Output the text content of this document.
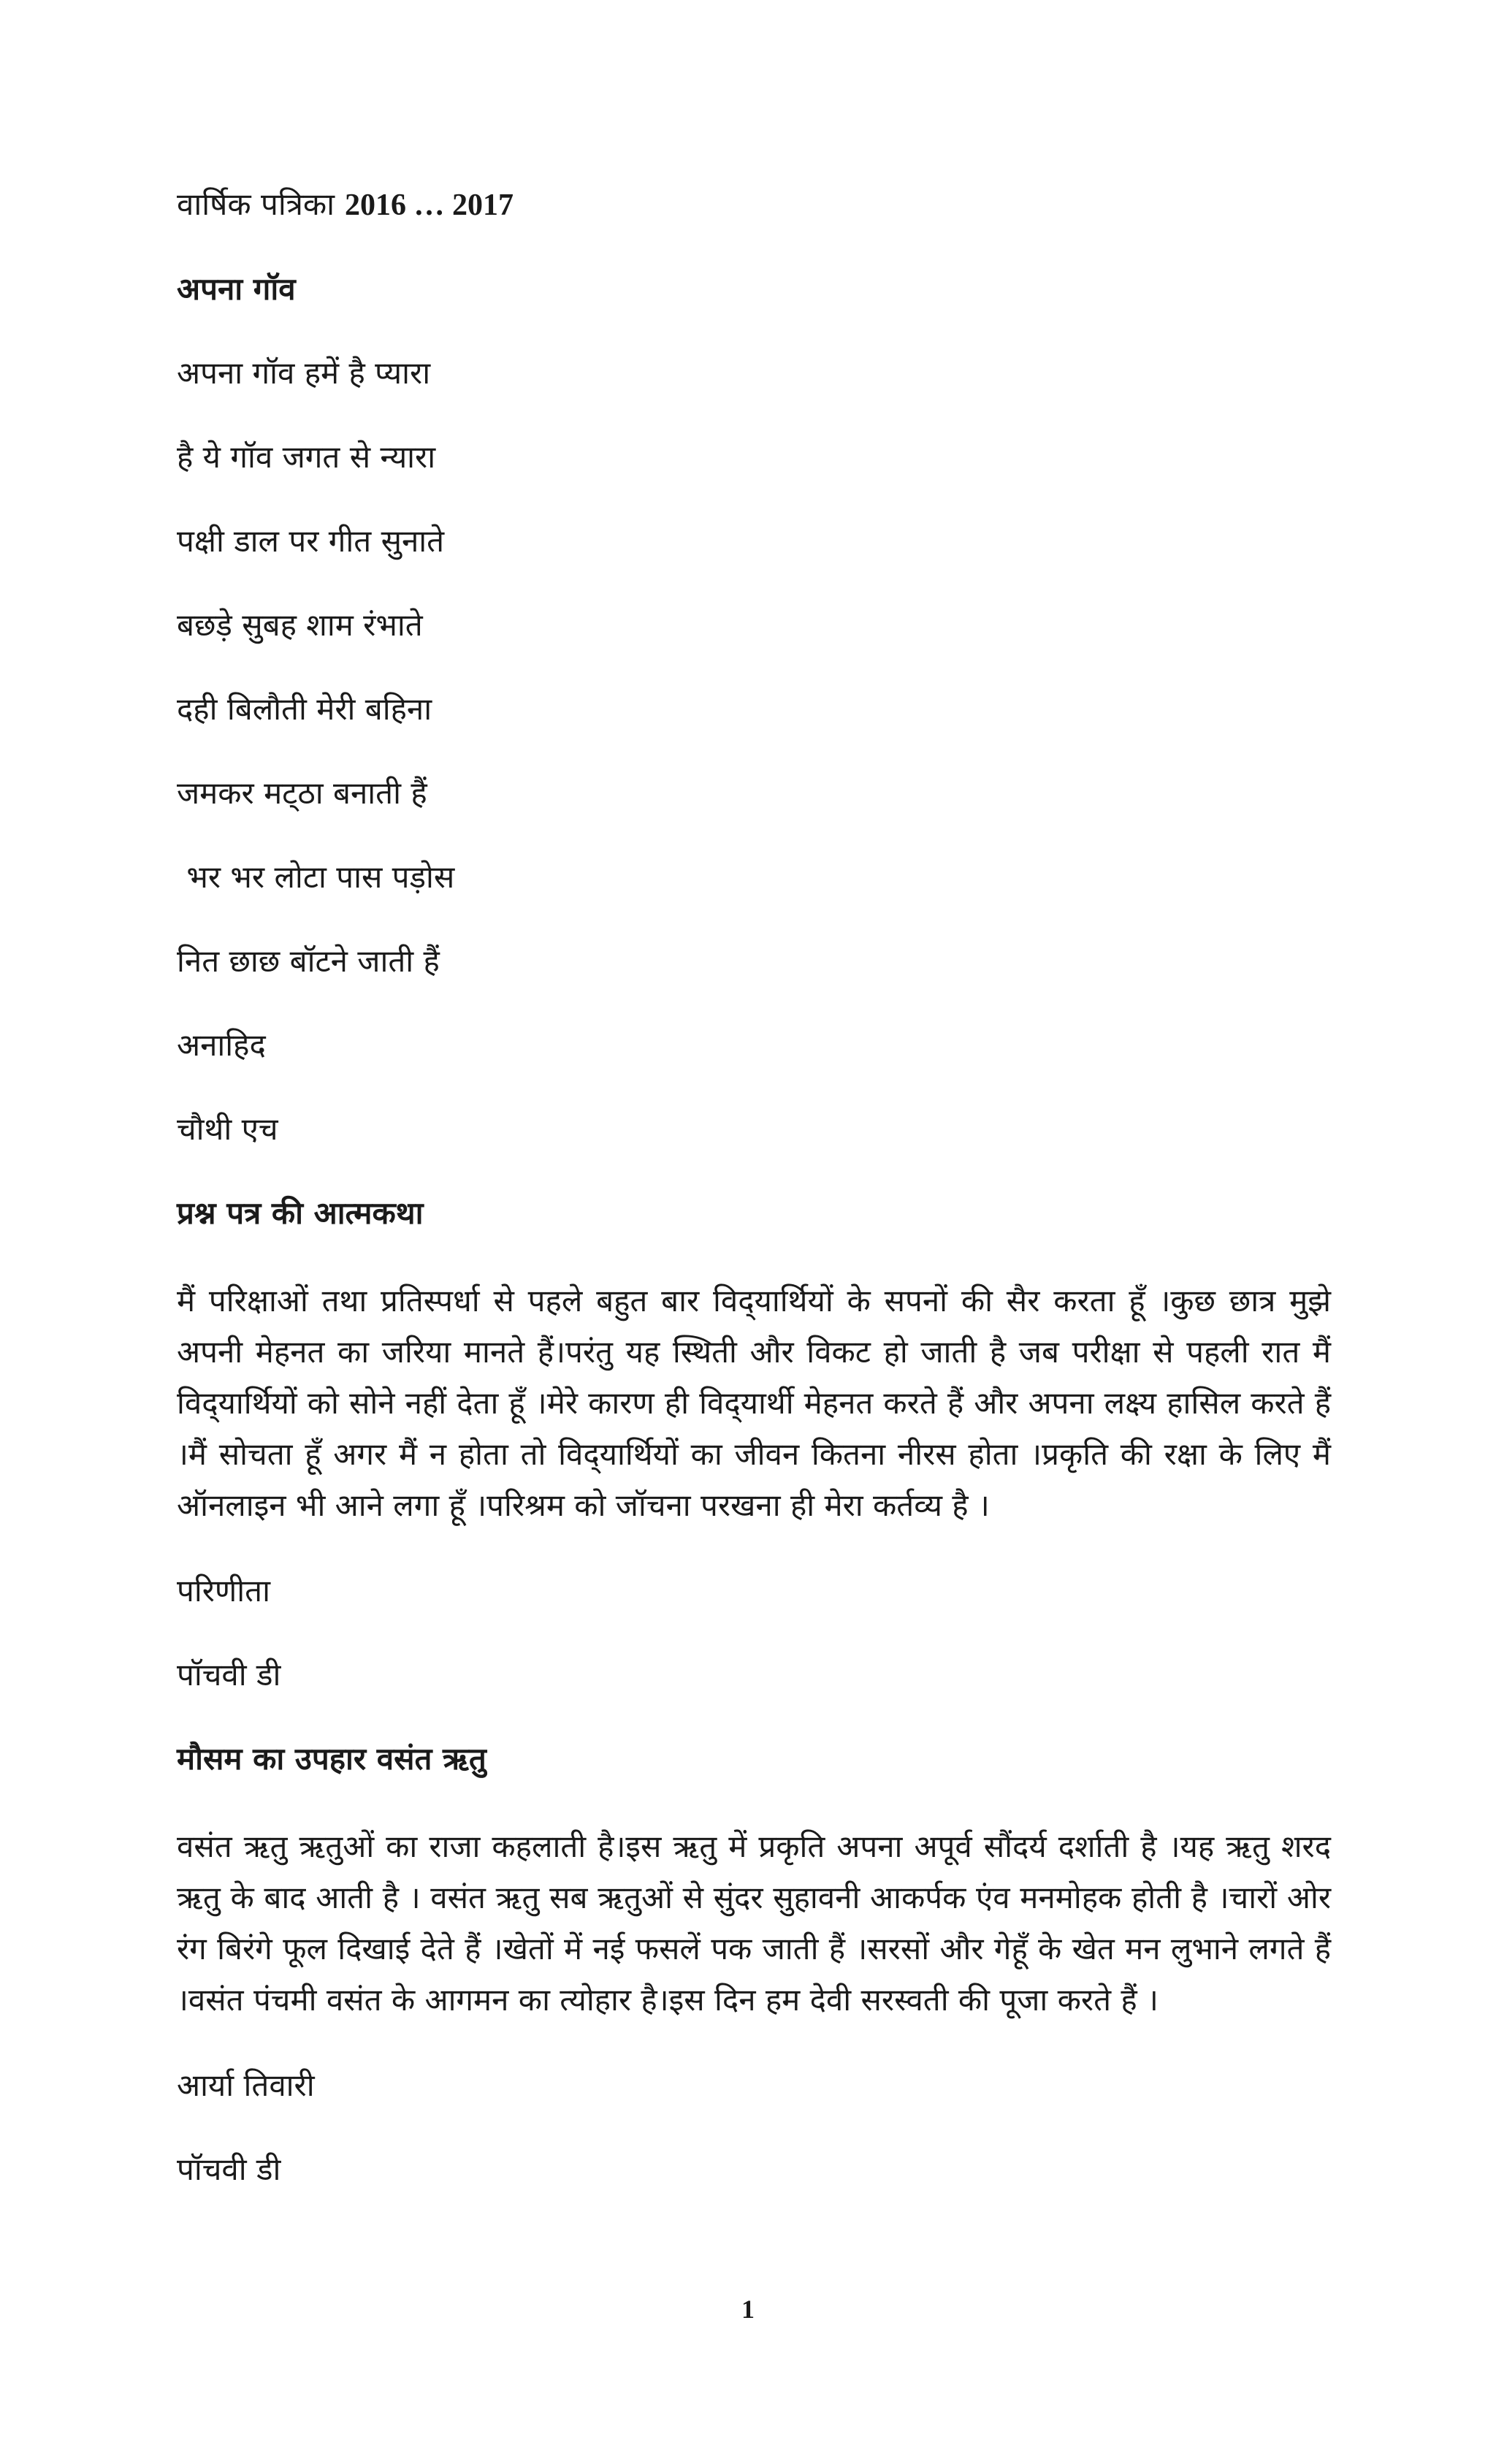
वार्षिक पत्रिका 2016 … 2017
अपना गॉव
अपना गॉव हमें है प्यारा
है ये गॉव जगत से न्यारा
पक्षी डाल पर गीत सुनाते
बछड़े सुबह शाम रंभाते
दही बिलौती मेरी बहिना
जमकर मट्‌ठा बनाती हैं
भर भर लोटा पास पड़ोस
नित छाछ बॉटने जाती हैं
अनाहिद
चौथी एच
प्रश्न पत्र की आत्मकथा
मैं परिक्षाओं तथा प्रतिस्पर्धा से पहले बहुत बार विद्‌यार्थियों के सपनों की सैर करता हूँ ।कुछ छात्र मुझे अपनी मेहनत का जरिया मानते हैं।परंतु यह स्थिती और विकट हो जाती है जब परीक्षा से पहली रात मैं विद्‌यार्थियों को सोने नहीं देता हूँ ।मेरे कारण ही विद्‌यार्थी मेहनत करते हैं और अपना लक्ष्य हासिल करते हैं ।मैं सोचता हूँ अगर मैं न होता तो विद्‌यार्थियों का जीवन कितना नीरस होता ।प्रकृति की रक्षा के लिए मैं ऑनलाइन भी आने लगा हूँ ।परिश्रम को जॉचना परखना ही मेरा कर्तव्य है ।
परिणीता
पॉचवी डी
मौसम का उपहार वसंत ऋतु
वसंत ऋतु ऋतुओं का राजा कहलाती है।इस ऋतु में प्रकृति अपना अपूर्व सौंदर्य दर्शाती है ।यह ऋतु शरद ऋतु के बाद आती है । वसंत ऋतु सब ऋतुओं से सुंदर सुहावनी आकर्पक एंव मनमोहक होती है ।चारों ओर रंग बिरंगे फूल दिखाई देते हैं ।खेतों में नई फसलें पक जाती हैं ।सरसों और गेहूँ के खेत मन लुभाने लगते हैं ।वसंत पंचमी वसंत के आगमन का त्योहार है।इस दिन हम देवी सरस्वती की पूजा करते हैं ।
आर्या तिवारी
पॉचवी डी
1
